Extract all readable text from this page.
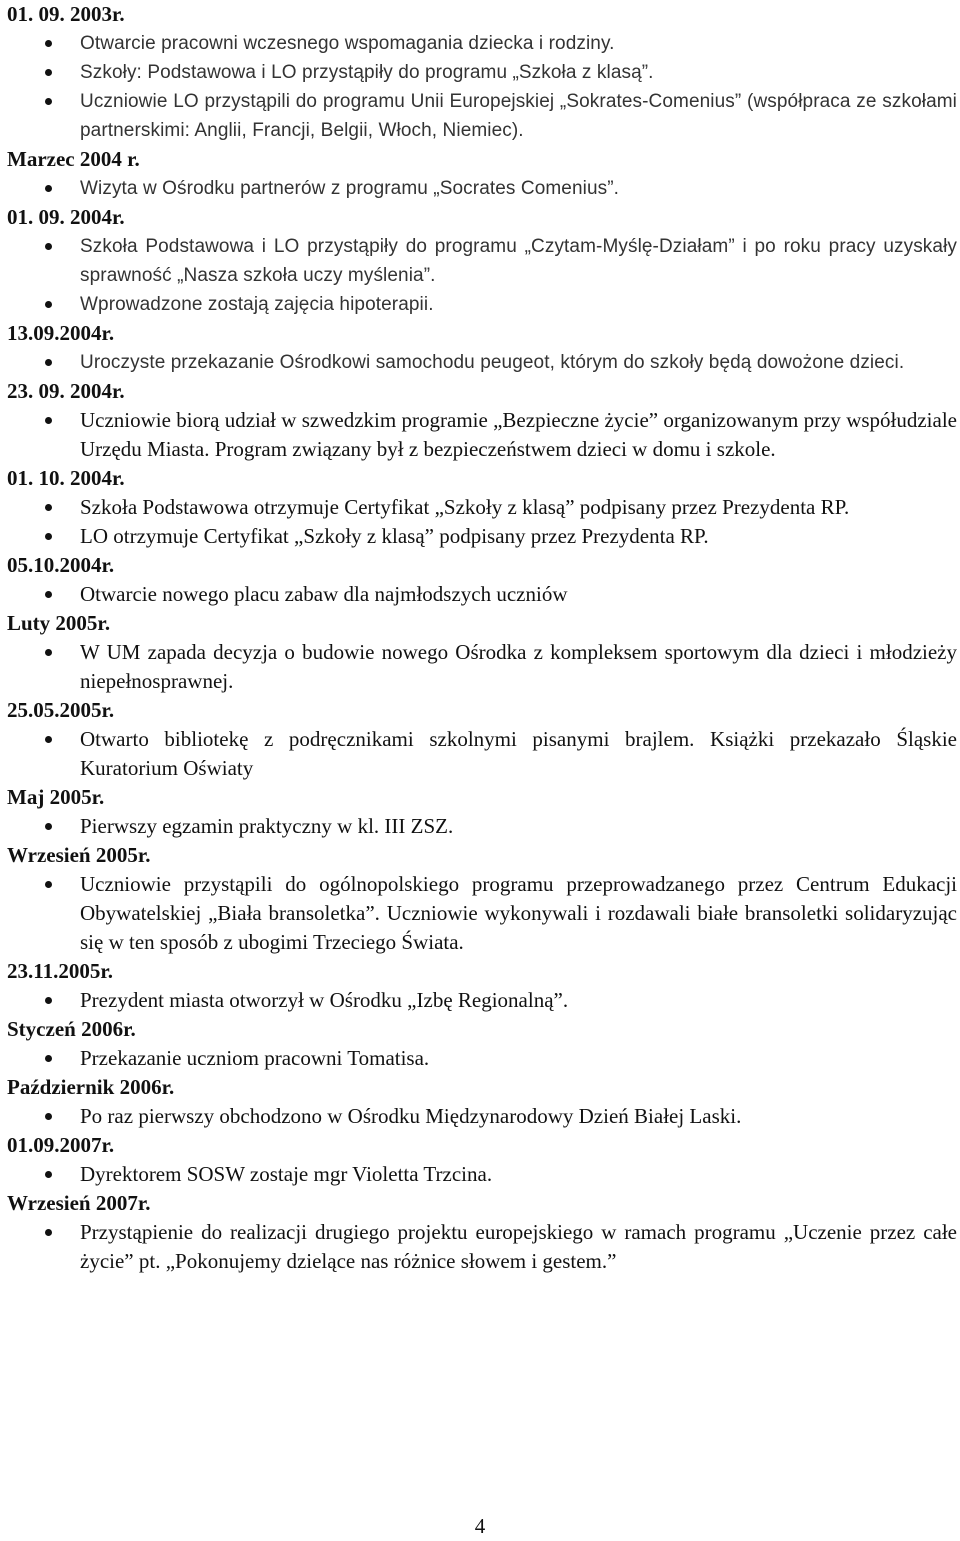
01. 09. 2003r.
Otwarcie pracowni wczesnego wspomagania dziecka i rodziny.
Szkoły: Podstawowa i LO przystąpiły do programu „Szkoła z klasą”.
Uczniowie LO przystąpili do programu Unii Europejskiej „Sokrates-Comenius” (współpraca ze szkołami partnerskimi: Anglii, Francji, Belgii, Włoch, Niemiec).
Marzec 2004 r.
Wizyta w Ośrodku partnerów z programu „Socrates Comenius”.
01. 09. 2004r.
Szkoła Podstawowa i LO przystąpiły do programu „Czytam-Myślę-Działam” i po roku pracy uzyskały sprawność „Nasza szkoła uczy myślenia”.
Wprowadzone zostają zajęcia hipoterapii.
13.09.2004r.
Uroczyste przekazanie Ośrodkowi samochodu peugeot, którym do szkoły będą dowożone dzieci.
23. 09. 2004r.
Uczniowie biorą udział w szwedzkim programie „Bezpieczne życie” organizowanym przy współudziale Urzędu Miasta. Program związany był z bezpieczeństwem dzieci w domu i szkole.
01. 10. 2004r.
Szkoła Podstawowa otrzymuje Certyfikat „Szkoły z klasą” podpisany przez Prezydenta RP.
LO otrzymuje Certyfikat „Szkoły z klasą” podpisany przez Prezydenta RP.
05.10.2004r.
Otwarcie nowego placu zabaw dla najmłodszych uczniów
Luty 2005r.
W UM zapada decyzja o budowie nowego Ośrodka z kompleksem sportowym dla dzieci i młodzieży niepełnosprawnej.
25.05.2005r.
Otwarto bibliotekę z podręcznikami szkolnymi pisanymi brajlem. Książki przekazało Śląskie Kuratorium Oświaty
Maj 2005r.
Pierwszy egzamin praktyczny w kl. III ZSZ.
Wrzesień 2005r.
Uczniowie przystąpili do ogólnopolskiego programu przeprowadzanego przez Centrum Edukacji Obywatelskiej „Biała bransoletka”. Uczniowie wykonywali i rozdawali białe bransoletki solidaryzując się w ten sposób z ubogimi Trzeciego Świata.
23.11.2005r.
Prezydent miasta otworzył w Ośrodku „Izbę Regionalną”.
Styczeń 2006r.
Przekazanie uczniom pracowni Tomatisa.
Październik 2006r.
Po raz pierwszy obchodzono w Ośrodku Międzynarodowy Dzień Białej Laski.
01.09.2007r.
Dyrektorem SOSW zostaje mgr Violetta Trzcina.
Wrzesień 2007r.
Przystąpienie do realizacji drugiego projektu europejskiego w ramach programu „Uczenie przez całe życie” pt. „Pokonujemy dzielące nas różnice słowem i gestem.”
4
